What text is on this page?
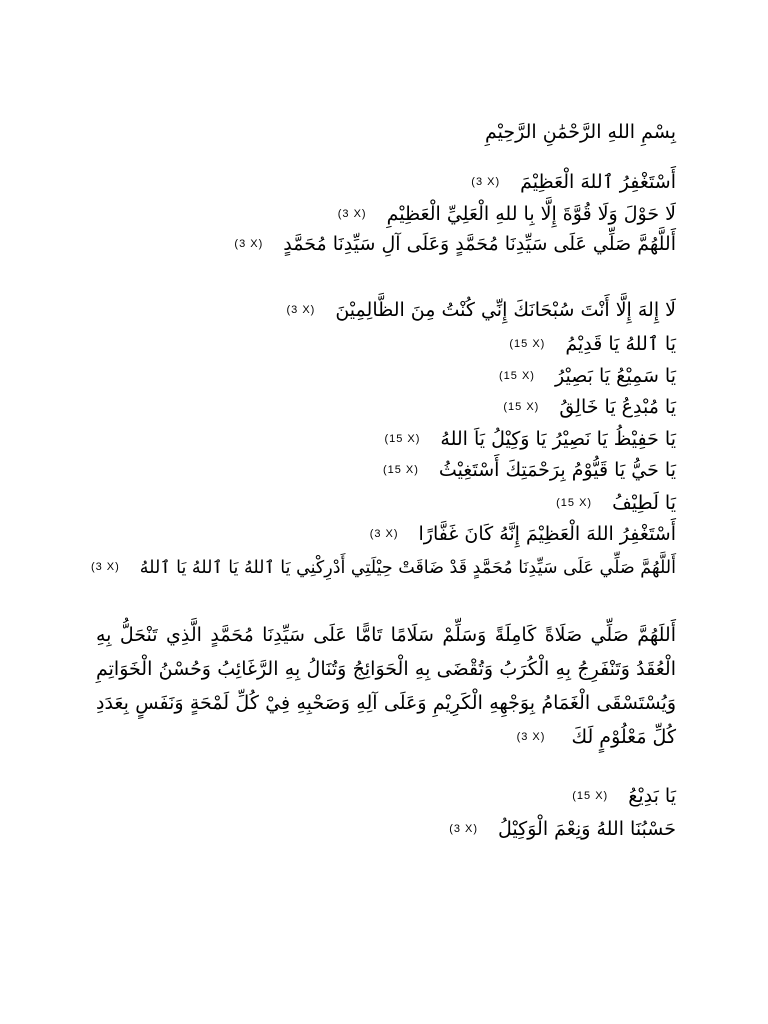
بِسْمِ اللهِ الرَّحْمَٰنِ الرَّحِيْمِ
أَسْتَغْفِرُ ٱللهَ الْعَظِيْمَ(3 X)
لَا حَوْلَ وَلَا قُوَّةَ إِلَّا بِا للهِ الْعَلِيِّ الْعَظِيْمِ(3 X)
أَللَّهُمَّ صَلِّي عَلَى سَيِّدِنَا مُحَمَّدٍ وَعَلَى آلِ سَيِّدِنَا مُحَمَّدٍ(3 X)
لَا إِلهَ إِلَّا أَنْتَ سُبْحَانَكَ إِنِّي كُنْتُ مِنَ الظَّالِمِيْنَ(3 X)
يَا ٱللهُ يَا قَدِيْمُ(15 X)
يَا سَمِيْعُ يَا بَصِيْرُ(15 X)
يَا مُبْدِعُ يَا خَالِقُ(15 X)
يَا حَفِيْظُ يَا نَصِيْرُ يَا وَكِيْلُ يَاَ اللهُ(15 X)
يَا حَيُّ يَا قَيُّوْمُ بِرَحْمَتِكَ أَسْتَغِيْثُ(15 X)
يَا لَطِيْفُ(15 X)
أَسْتَغْفِرُ اللهَ الْعَظِيْمَ إِنَّهُ كَانَ غَفَّارًا(3 X)
أَللَّهُمَّ صَلِّي عَلَى سَيِّدِنَا مُحَمَّدٍ قَدْ ضَاقَتْ حِيْلَتِي أَدْرِكْنِي يَا ٱللهُ يَا ٱللهُ يَا ٱللهُ(3 X)
أَللَهُمَّ صَلِّي صَلَاةً كَامِلَةً وَسَلِّمْ سَلَامًا تَامًّا عَلَى سَيِّدِنَا مُحَمَّدٍ الَّذِي تَنْحَلُّ بِهِ الْعُقَدُ وَتَنْفَرِجُ بِهِ الْكُرَبُ وَتُقْضَى بِهِ الْحَوَائِجُ وَتُنَالُ بِهِ الرَّغَائِبُ وَحُسْنُ الْخَوَاتِمِ وَيُسْتَسْقَى الْغَمَامُ بِوَجْهِهِ الْكَرِيْمِ وَعَلَى آلِهِ وَصَحْبِهِ فِيْ كُلِّ لَمْحَةٍ وَنَفَسٍ بِعَدَدِ كُلِّ مَعْلُوْمٍ لَكَ (3 X)
يَا بَدِيْعُ(15 X)
حَسْبُنَا اللهُ وَنِعْمَ الْوَكِيْلُ(3 X)
